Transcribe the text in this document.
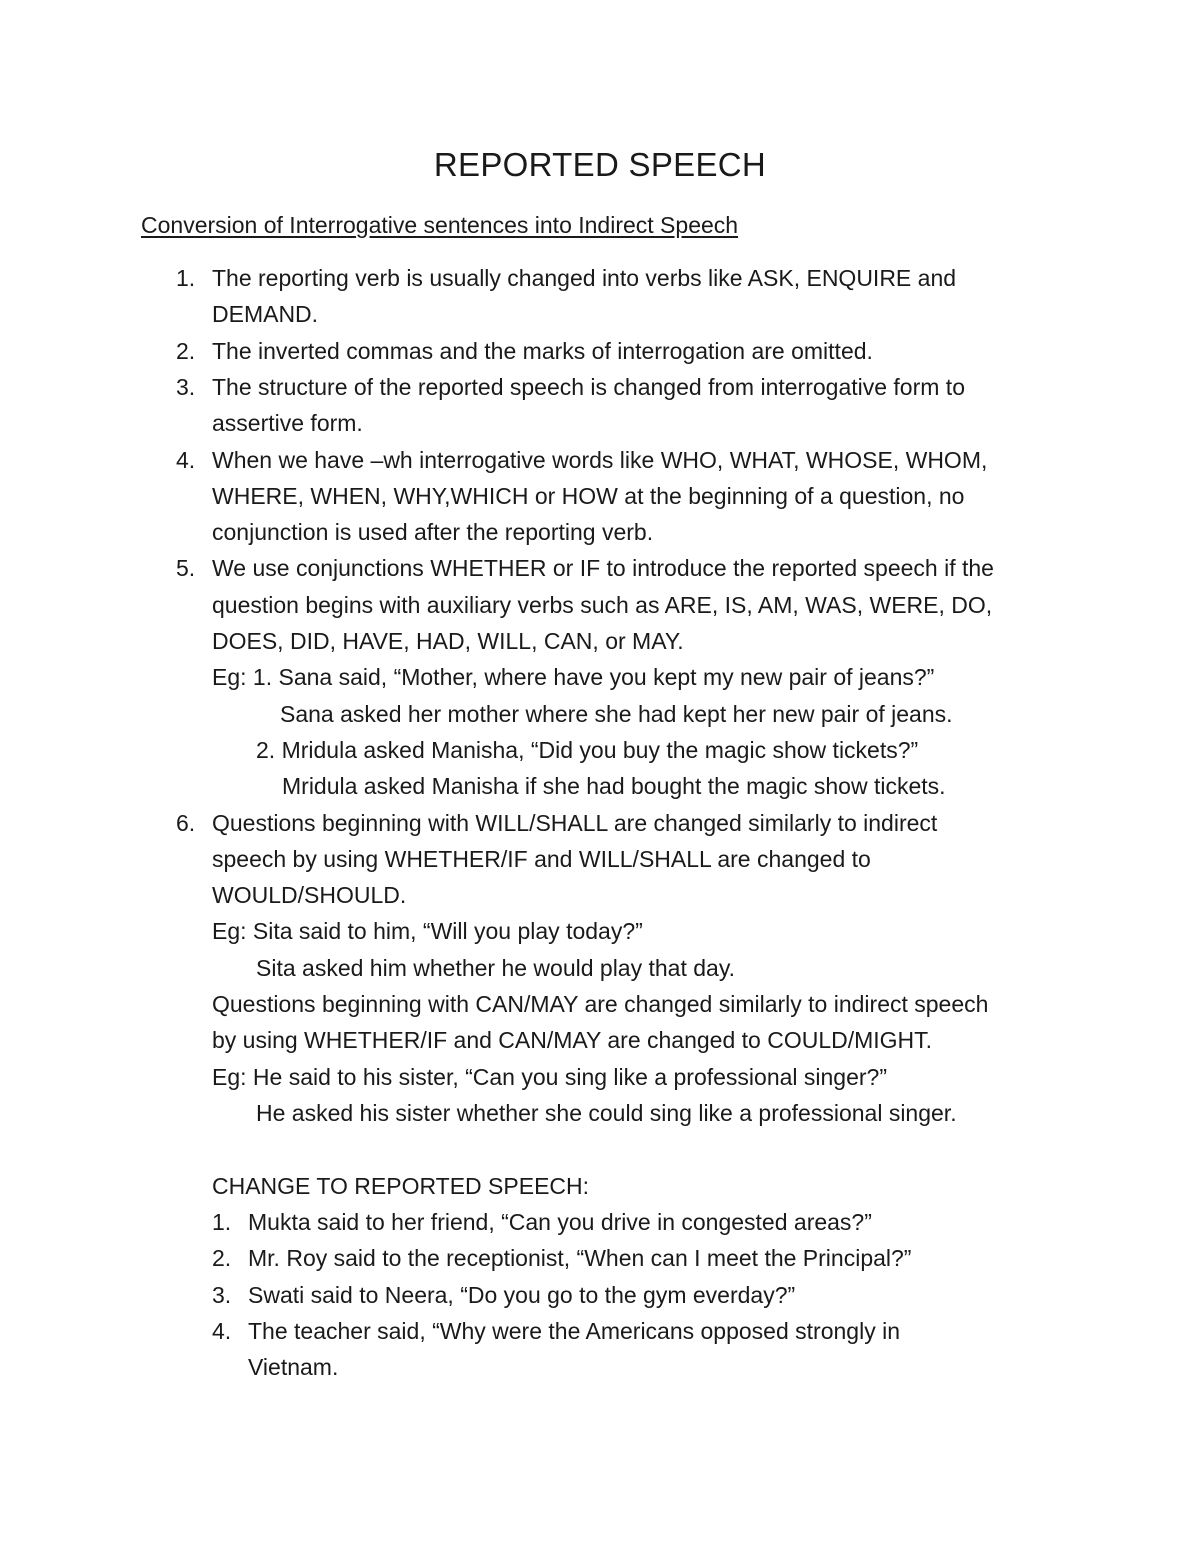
REPORTED SPEECH
Conversion of Interrogative sentences into Indirect Speech
1. The reporting verb is usually changed into verbs like ASK, ENQUIRE and
DEMAND.
2. The inverted commas and the marks of interrogation are omitted.
3. The structure of the reported speech is changed from interrogative form to
assertive form.
4. When we have –wh interrogative words like WHO, WHAT, WHOSE, WHOM,
WHERE, WHEN, WHY,WHICH or HOW at the beginning of a question, no
conjunction is used after the reporting verb.
5. We use conjunctions WHETHER or IF to introduce the reported speech if the
question begins with auxiliary verbs such as ARE, IS, AM, WAS, WERE, DO,
DOES, DID, HAVE, HAD, WILL, CAN, or MAY.
Eg: 1. Sana said, “Mother, where have you kept my new pair of jeans?”
Sana asked her mother where she had kept her new pair of jeans.
2. Mridula asked Manisha, “Did you buy the magic show tickets?”
Mridula asked Manisha if she had bought the magic show tickets.
6. Questions beginning with WILL/SHALL are changed similarly to indirect
speech by using WHETHER/IF and WILL/SHALL are changed to
WOULD/SHOULD.
Eg: Sita said to him, “Will you play today?”
Sita asked him whether he would play that day.
Questions beginning with CAN/MAY are changed similarly to indirect speech
by using WHETHER/IF and CAN/MAY are changed to COULD/MIGHT.
Eg: He said to his sister, “Can you sing like a professional singer?”
He asked his sister whether she could sing like a professional singer.
CHANGE TO REPORTED SPEECH:
1. Mukta said to her friend, “Can you drive in congested areas?”
2. Mr. Roy said to the receptionist, “When can I meet the Principal?”
3. Swati said to Neera, “Do you go to the gym everday?”
4. The teacher said, “Why were the Americans opposed strongly in
Vietnam.
